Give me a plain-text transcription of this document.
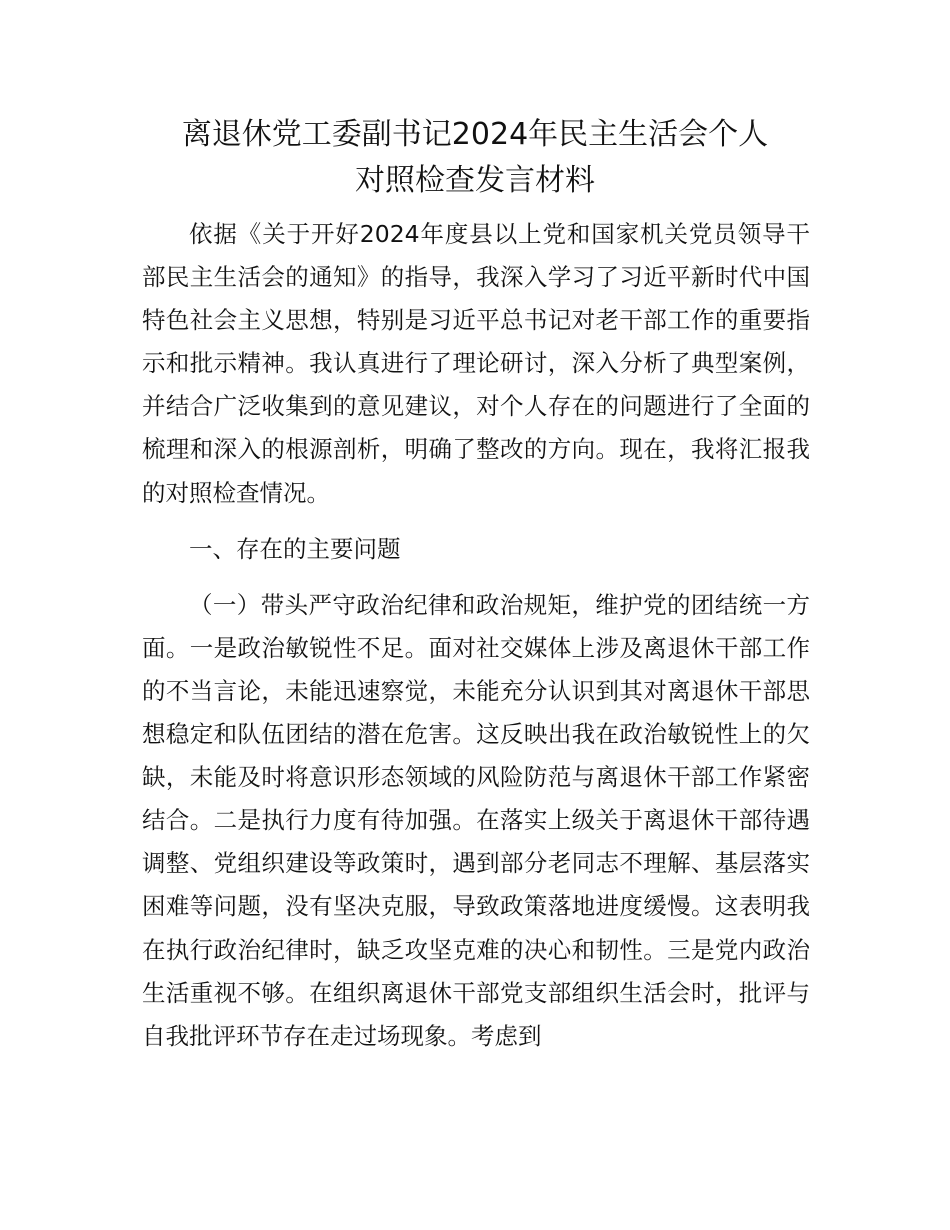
离退休党工委副书记2024年民主生活会个人
对照检查发言材料

依据《关于开好2024年度县以上党和国家机关党员领导干部民主生活会的通知》的指导，我深入学习了习近平新时代中国特色社会主义思想，特别是习近平总书记对老干部工作的重要指示和批示精神。我认真进行了理论研讨，深入分析了典型案例，并结合广泛收集到的意见建议，对个人存在的问题进行了全面的梳理和深入的根源剖析，明确了整改的方向。现在，我将汇报我的对照检查情况。

一、存在的主要问题

（一）带头严守政治纪律和政治规矩，维护党的团结统一方面。一是政治敏锐性不足。面对社交媒体上涉及离退休干部工作的不当言论，未能迅速察觉，未能充分认识到其对离退休干部思想稳定和队伍团结的潜在危害。这反映出我在政治敏锐性上的欠缺，未能及时将意识形态领域的风险防范与离退休干部工作紧密结合。二是执行力度有待加强。在落实上级关于离退休干部待遇调整、党组织建设等政策时，遇到部分老同志不理解、基层落实困难等问题，没有坚决克服，导致政策落地进度缓慢。这表明我在执行政治纪律时，缺乏攻坚克难的决心和韧性。三是党内政治生活重视不够。在组织离退休干部党支部组织生活会时，批评与自我批评环节存在走过场现象。考虑到
